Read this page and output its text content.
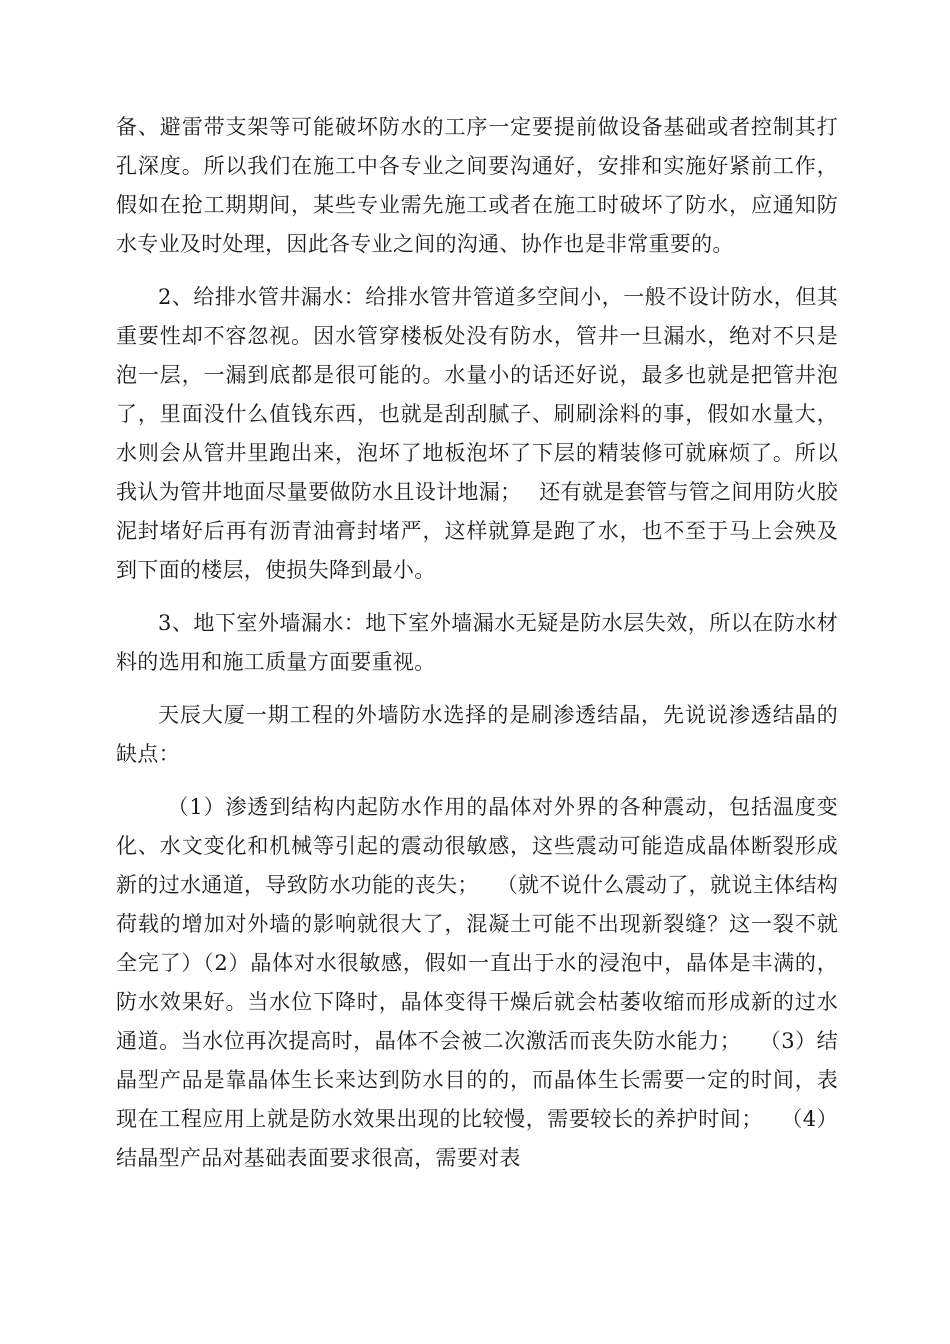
备、避雷带支架等可能破坏防水的工序一定要提前做设备基础或者控制其打孔深度。所以我们在施工中各专业之间要沟通好，安排和实施好紧前工作，假如在抢工期期间，某些专业需先施工或者在施工时破坏了防水，应通知防水专业及时处理，因此各专业之间的沟通、协作也是非常重要的。

2、给排水管井漏水：给排水管井管道多空间小，一般不设计防水，但其重要性却不容忽视。因水管穿楼板处没有防水，管井一旦漏水，绝对不只是泡一层，一漏到底都是很可能的。水量小的话还好说，最多也就是把管井泡了，里面没什么值钱东西，也就是刮刮腻子、刷刷涂料的事，假如水量大，水则会从管井里跑出来，泡坏了地板泡坏了下层的精装修可就麻烦了。所以我认为管井地面尽量要做防水且设计地漏；　 还有就是套管与管之间用防火胶泥封堵好后再有沥青油膏封堵严，这样就算是跑了水，也不至于马上会殃及到下面的楼层，使损失降到最小。

3、地下室外墙漏水：地下室外墙漏水无疑是防水层失效，所以在防水材料的选用和施工质量方面要重视。

天辰大厦一期工程的外墙防水选择的是刷渗透结晶，先说说渗透结晶的缺点：

（1）渗透到结构内起防水作用的晶体对外界的各种震动，包括温度变化、水文变化和机械等引起的震动很敏感，这些震动可能造成晶体断裂形成新的过水通道，导致防水功能的丧失；　 （就不说什么震动了，就说主体结构荷载的增加对外墙的影响就很大了，混凝土可能不出现新裂缝？这一裂不就全完了）（2）晶体对水很敏感，假如一直出于水的浸泡中，晶体是丰满的，防水效果好。当水位下降时，晶体变得干燥后就会枯萎收缩而形成新的过水通道。当水位再次提高时，晶体不会被二次激活而丧失防水能力；　 （3）结晶型产品是靠晶体生长来达到防水目的的，而晶体生长需要一定的时间，表现在工程应用上就是防水效果出现的比较慢，需要较长的养护时间；　 （4）结晶型产品对基础表面要求很高，需要对表
